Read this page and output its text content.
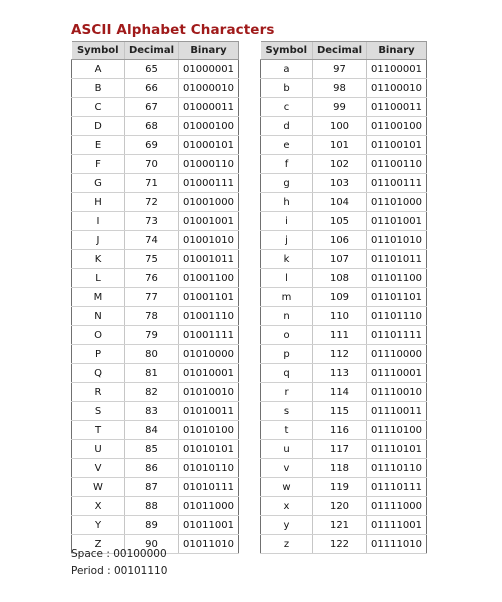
ASCII Alphabet Characters
Symbol	Decimal	Binary
A	65	01000001
B	66	01000010
C	67	01000011
D	68	01000100
E	69	01000101
F	70	01000110
G	71	01000111
H	72	01001000
I	73	01001001
J	74	01001010
K	75	01001011
L	76	01001100
M	77	01001101
N	78	01001110
O	79	01001111
P	80	01010000
Q	81	01010001
R	82	01010010
S	83	01010011
T	84	01010100
U	85	01010101
V	86	01010110
W	87	01010111
X	88	01011000
Y	89	01011001
Z	90	01011010
Symbol	Decimal	Binary
a	97	01100001
b	98	01100010
c	99	01100011
d	100	01100100
e	101	01100101
f	102	01100110
g	103	01100111
h	104	01101000
i	105	01101001
j	106	01101010
k	107	01101011
l	108	01101100
m	109	01101101
n	110	01101110
o	111	01101111
p	112	01110000
q	113	01110001
r	114	01110010
s	115	01110011
t	116	01110100
u	117	01110101
v	118	01110110
w	119	01110111
x	120	01111000
y	121	01111001
z	122	01111010
Space : 00100000
Period : 00101110
